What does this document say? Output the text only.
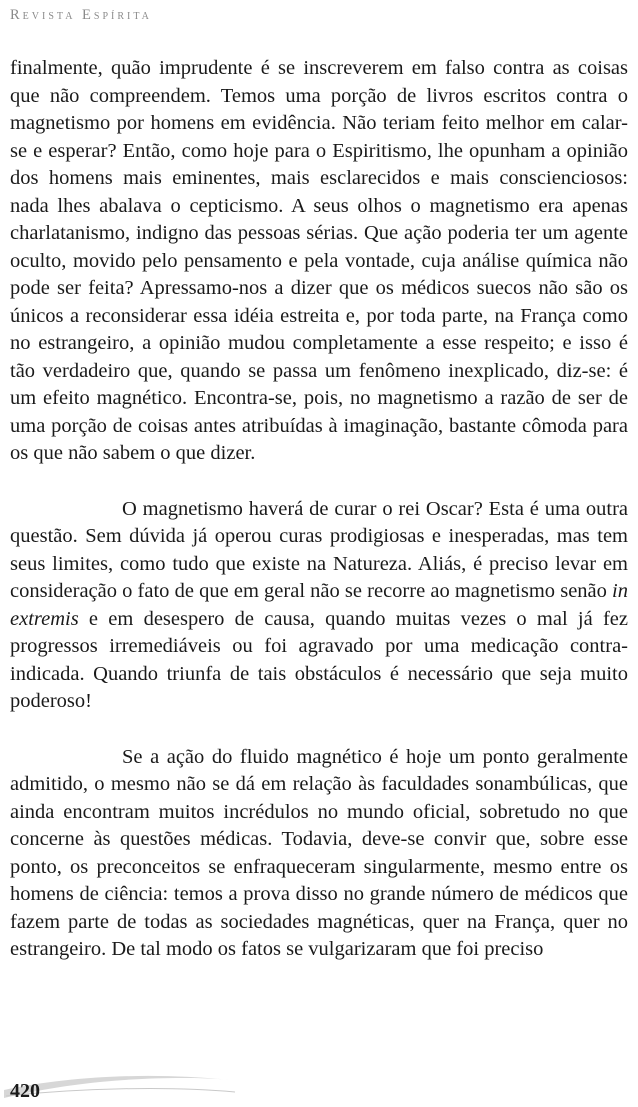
Revista Espírita

finalmente, quão imprudente é se inscreverem em falso contra as coisas que não compreendem. Temos uma porção de livros escritos contra o magnetismo por homens em evidência. Não teriam feito melhor em calar-se e esperar? Então, como hoje para o Espiritismo, lhe opunham a opinião dos homens mais eminentes, mais esclarecidos e mais conscienciosos: nada lhes abalava o cepticismo. A seus olhos o magnetismo era apenas charlatanismo, indigno das pessoas sérias. Que ação poderia ter um agente oculto, movido pelo pensamento e pela vontade, cuja análise química não pode ser feita? Apressamo-nos a dizer que os médicos suecos não são os únicos a reconsiderar essa idéia estreita e, por toda parte, na França como no estrangeiro, a opinião mudou completamente a esse respeito; e isso é tão verdadeiro que, quando se passa um fenômeno inexplicado, diz-se: é um efeito magnético. Encontra-se, pois, no magnetismo a razão de ser de uma porção de coisas antes atribuídas à imaginação, bastante cômoda para os que não sabem o que dizer.

O magnetismo haverá de curar o rei Oscar? Esta é uma outra questão. Sem dúvida já operou curas prodigiosas e inesperadas, mas tem seus limites, como tudo que existe na Natureza. Aliás, é preciso levar em consideração o fato de que em geral não se recorre ao magnetismo senão in extremis e em desespero de causa, quando muitas vezes o mal já fez progressos irremediáveis ou foi agravado por uma medicação contra-indicada. Quando triunfa de tais obstáculos é necessário que seja muito poderoso!

Se a ação do fluido magnético é hoje um ponto geralmente admitido, o mesmo não se dá em relação às faculdades sonambúlicas, que ainda encontram muitos incrédulos no mundo oficial, sobretudo no que concerne às questões médicas. Todavia, deve-se convir que, sobre esse ponto, os preconceitos se enfraqueceram singularmente, mesmo entre os homens de ciência: temos a prova disso no grande número de médicos que fazem parte de todas as sociedades magnéticas, quer na França, quer no estrangeiro. De tal modo os fatos se vulgarizaram que foi preciso

420
